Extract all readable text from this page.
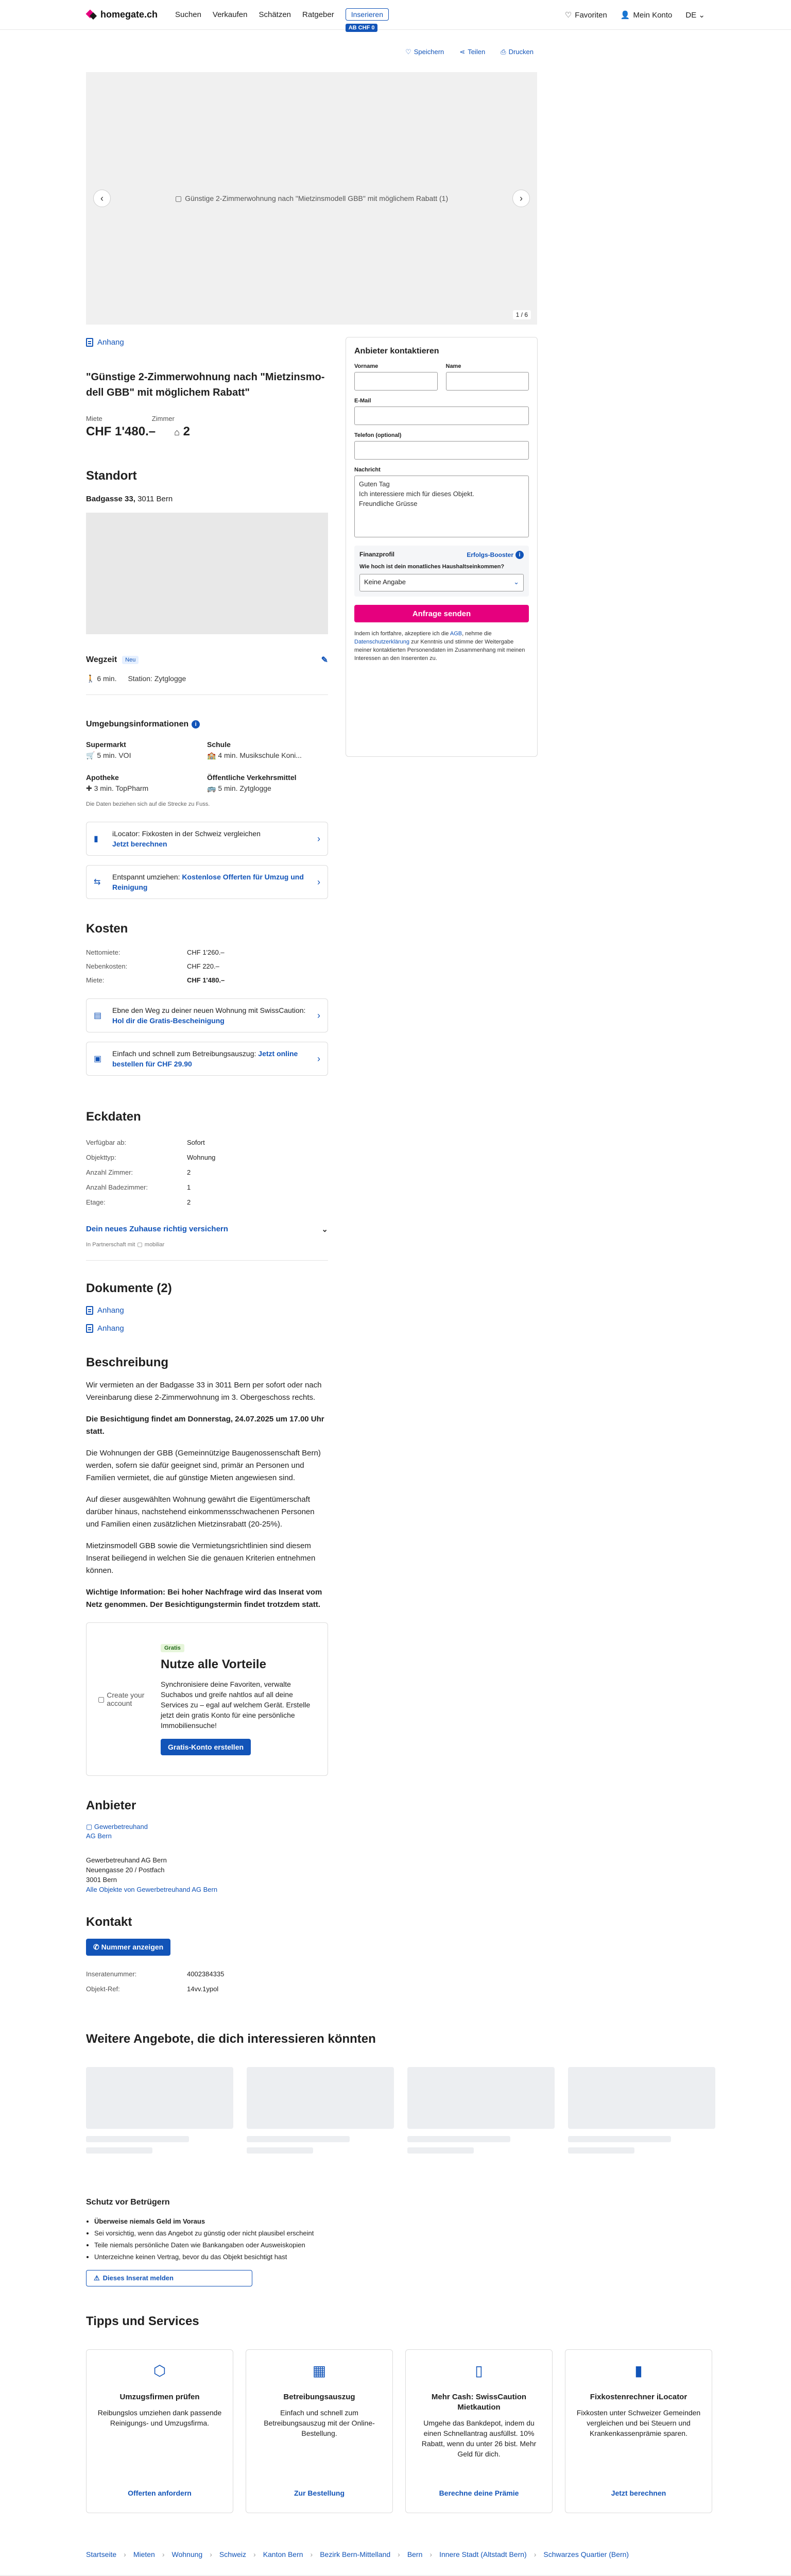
homegate.ch Suchen Verkaufen Schätzen Ratgeber	Inserieren
AB CHF 0
♡ Favoriten 👤 Mein Konto DE ⌄
♡ Speichern ⋖ Teilen ⎙ Drucken
▢ Günstige 2-Zimmerwohnung nach "Mietzinsmodell GBB" mit möglichem Rabatt (1)
‹	›
1 / 6
Anhang
"Günstige 2-Zimmerwohnung nach "Mietzinsmo-dell GBB" mit möglichem Rabatt"
Miete	Zimmer
CHF 1'480.– ⌂ 2
Standort
Badgasse 33, 3011 Bern
Wegzeit	Neu	✎
🚶 6 min. Station: Zytglogge
Umgebungsinformationen	i
Supermarkt
🛒 5 min. VOI
Schule
🏫 4 min. Musikschule Koni...
Apotheke
✚ 3 min. TopPharm
Öffentliche Verkehrsmittel
🚌 5 min. Zytglogge
Die Daten beziehen sich auf die Strecke zu Fuss.
▮
iLocator: Fixkosten in der Schweiz vergleichen
Jetzt berechnen	›
⇆
Entspannt umziehen: Kostenlose Offerten für Umzug und Reinigung	›
Kosten
Nettomiete:	CHF 1'260.–
Nebenkosten:	CHF 220.–
Miete:	CHF 1'480.–
▤
Ebne den Weg zu deiner neuen Wohnung mit SwissCaution: Hol dir die Gratis-Bescheinigung	›
▣
Einfach und schnell zum Betreibungsauszug: Jetzt online bestellen für CHF 29.90	›
Eckdaten
Verfügbar ab:	Sofort
Objekttyp:	Wohnung
Anzahl Zimmer:	2
Anzahl Badezimmer:	1
Etage:	2
Dein neues Zuhause richtig versichern	⌄
In Partnerschaft mit ▢ mobiliar
Dokumente (2)
Anhang
Anhang
Beschreibung

Wir vermieten an der Badgasse 33 in 3011 Bern per sofort oder nach Vereinbarung diese 2-Zimmerwohnung im 3. Obergeschoss rechts.

Die Besichtigung findet am Donnerstag, 24.07.2025 um 17.00 Uhr statt.

Die Wohnungen der GBB (Gemeinnützige Baugenossenschaft Bern) werden, sofern sie dafür geeignet sind, primär an Personen und Familien vermietet, die auf günstige Mieten angewiesen sind.

Auf dieser ausgewählten Wohnung gewährt die Eigentümerschaft darüber hinaus, nachstehend einkommensschwachenen Personen und Familien einen zusätzlichen Mietzinsrabatt (20-25%).

Mietzinsmodell GBB sowie die Vermietungsrichtlinien sind diesem Inserat beiliegend in welchen Sie die genauen Kriterien entnehmen können.

Wichtige Information: Bei hoher Nachfrage wird das Inserat vom Netz genommen. Der Besichtigungstermin findet trotzdem statt.

▢ Create your account
Gratis
Nutze alle Vorteile

Synchronisiere deine Favoriten, verwalte Suchabos und greife nahtlos auf all deine Services zu – egal auf welchem Gerät. Erstelle jetzt dein gratis Konto für eine persönliche Immobiliensuche!

Gratis-Konto erstellen
Anbieter
▢ Gewerbetreuhand AG Bern
Gewerbetreuhand AG Bern
Neuengasse 20 / Postfach
3001 Bern
Alle Objekte von Gewerbetreuhand AG Bern
Kontakt
✆ Nummer anzeigen
Inseratenummer:	4002384335
Objekt-Ref:	14vv.1ypol
Anbieter kontaktieren
Vorname	Name
E-Mail
Telefon (optional)
Nachricht
Guten Tag
Ich interessiere mich für dieses Objekt.
Freundliche Grüsse
Finanzprofil	Erfolgs-Booster i
Wie hoch ist dein monatliches Haushaltseinkommen?
Keine Angabe	⌄
Anfrage senden

Indem ich fortfahre, akzeptiere ich die AGB, nehme die Datenschutzerklärung zur Kenntnis und stimme der Weitergabe meiner kontaktierten Personendaten im Zusammenhang mit meinen Interessen an den Inserenten zu.

Weitere Angebote, die dich interessieren könnten
Schutz vor Betrügern
• Überweise niemals Geld im Voraus
• Sei vorsichtig, wenn das Angebot zu günstig oder nicht plausibel erscheint
• Teile niemals persönliche Daten wie Bankangaben oder Ausweiskopien
• Unterzeichne keinen Vertrag, bevor du das Objekt besichtigt hast
⚠ Dieses Inserat melden
Tipps und Services
⬡
Umzugsfirmen prüfen

Reibungslos umziehen dank passende Reinigungs- und Umzugsfirma.

Offerten anfordern
▦
Betreibungsauszug

Einfach und schnell zum Betreibungsauszug mit der Online-Bestellung.

Zur Bestellung
▯
Mehr Cash: SwissCaution Mietkaution

Umgehe das Bankdepot, indem du einen Schnellantrag ausfüllst. 10% Rabatt, wenn du unter 26 bist. Mehr Geld für dich.

Berechne deine Prämie
▮
Fixkostenrechner iLocator

Fixkosten unter Schweizer Gemeinden vergleichen und bei Steuern und Krankenkassenprämie sparen.

Jetzt berechnen
Startseite › Mieten › Wohnung › Schweiz › Kanton Bern › Bezirk Bern-Mittelland › Bern › Innere Stadt (Altstadt Bern) › Schwarzes Quartier (Bern)
